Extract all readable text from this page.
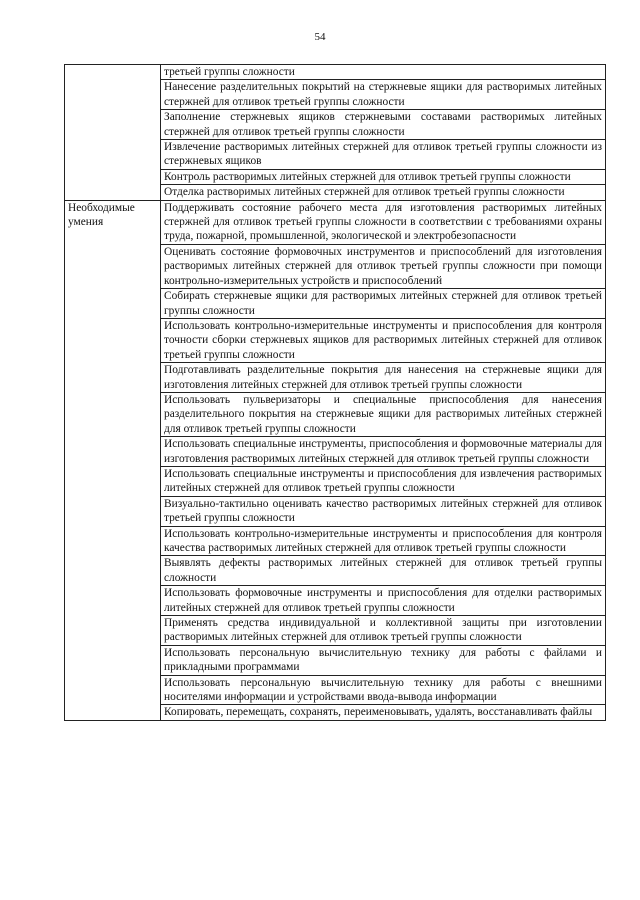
54
	третьей группы сложности
	Нанесение разделительных покрытий на стержневые ящики для растворимых литейных стержней для отливок третьей группы сложности
	Заполнение стержневых ящиков стержневыми составами растворимых литейных стержней для отливок третьей группы сложности
	Извлечение растворимых литейных стержней для отливок третьей группы сложности из стержневых ящиков
	Контроль растворимых литейных стержней для отливок третьей группы сложности
	Отделка растворимых литейных стержней для отливок третьей группы сложности
Необходимые умения	Поддерживать состояние рабочего места для изготовления растворимых литейных стержней для отливок третьей группы сложности в соответствии с требованиями охраны труда, пожарной, промышленной, экологической и электробезопасности
	Оценивать состояние формовочных инструментов и приспособлений для изготовления растворимых литейных стержней для отливок третьей группы сложности при помощи контрольно-измерительных устройств и приспособлений
	Собирать стержневые ящики для растворимых литейных стержней для отливок третьей группы сложности
	Использовать контрольно-измерительные инструменты и приспособления для контроля точности сборки стержневых ящиков для растворимых литейных стержней для отливок третьей группы сложности
	Подготавливать разделительные покрытия для нанесения на стержневые ящики для изготовления литейных стержней для отливок третьей группы сложности
	Использовать пульверизаторы и специальные приспособления для нанесения разделительного покрытия на стержневые ящики для растворимых литейных стержней для отливок третьей группы сложности
	Использовать специальные инструменты, приспособления и формовочные материалы для изготовления растворимых литейных стержней для отливок третьей группы сложности
	Использовать специальные инструменты и приспособления для извлечения растворимых литейных стержней для отливок третьей группы сложности
	Визуально-тактильно оценивать качество растворимых литейных стержней для отливок третьей группы сложности
	Использовать контрольно-измерительные инструменты и приспособления для контроля качества растворимых литейных стержней для отливок третьей группы сложности
	Выявлять дефекты растворимых литейных стержней для отливок третьей группы сложности
	Использовать формовочные инструменты и приспособления для отделки растворимых литейных стержней для отливок третьей группы сложности
	Применять средства индивидуальной и коллективной защиты при изготовлении растворимых литейных стержней для отливок третьей группы сложности
	Использовать персональную вычислительную технику для работы с файлами и прикладными программами
	Использовать персональную вычислительную технику для работы с внешними носителями информации и устройствами ввода-вывода информации
	Копировать, перемещать, сохранять, переименовывать, удалять, восстанавливать файлы
